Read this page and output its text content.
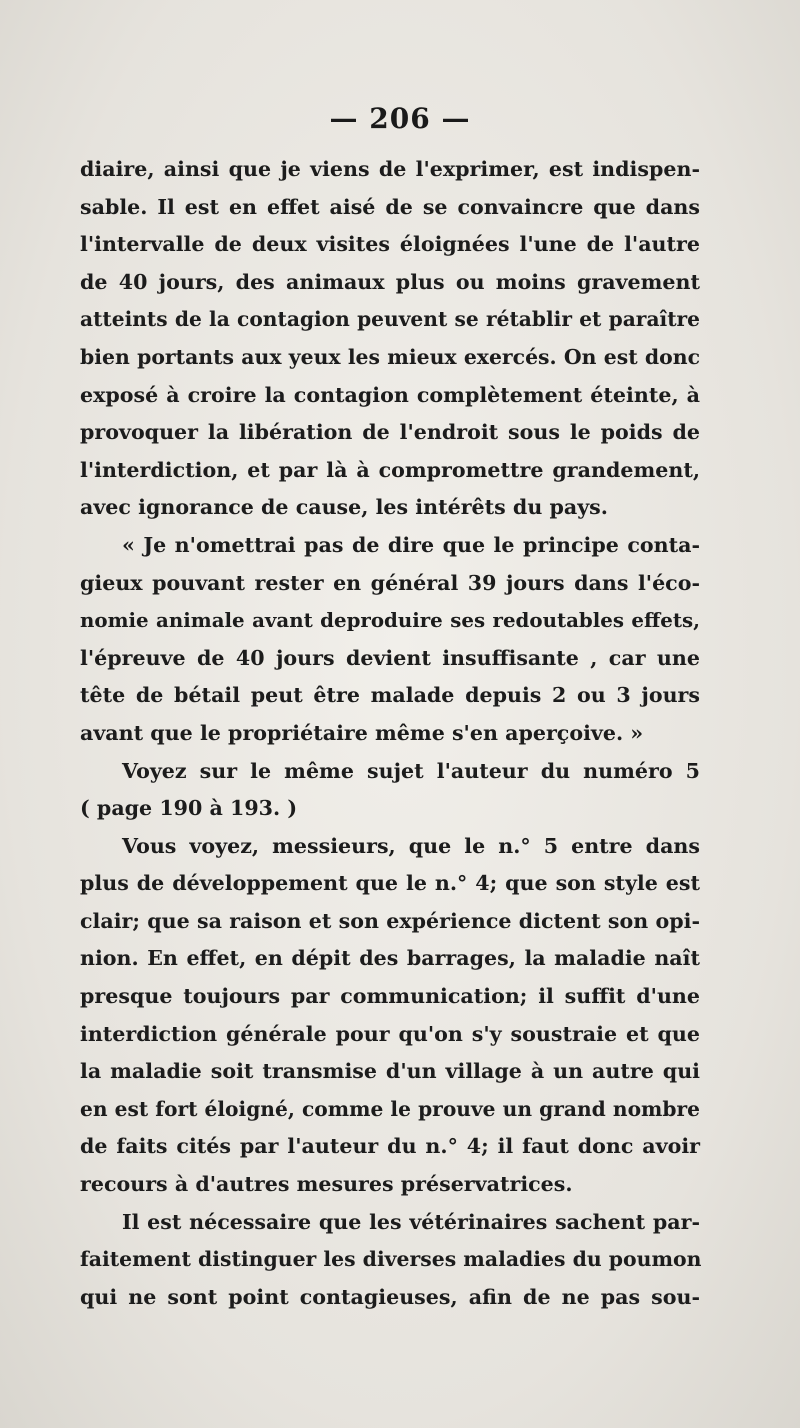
— 206 —
diaire, ainsi que je viens de l'exprimer, est indispen-
sable. Il est en effet aisé de se convaincre que dans
l'intervalle de deux visites éloignées l'une de l'autre
de 40 jours, des animaux plus ou moins gravement
atteints de la contagion peuvent se rétablir et paraître
bien portants aux yeux les mieux exercés. On est donc
exposé à croire la contagion complètement éteinte, à
provoquer la libération de l'endroit sous le poids de
l'interdiction, et par là à compromettre grandement,
avec ignorance de cause, les intérêts du pays.
« Je n'omettrai pas de dire que le principe conta-
gieux pouvant rester en général 39 jours dans l'éco-
nomie animale avant deproduire ses redoutables effets,
l'épreuve de 40 jours devient insuffisante , car une
tête de bétail peut être malade depuis 2 ou 3 jours
avant que le propriétaire même s'en aperçoive. »
Voyez sur le même sujet l'auteur du numéro 5
( page 190 à 193. )
Vous voyez, messieurs, que le n.° 5 entre dans
plus de développement que le n.° 4; que son style est
clair; que sa raison et son expérience dictent son opi-
nion. En effet, en dépit des barrages, la maladie naît
presque toujours par communication; il suffit d'une
interdiction générale pour qu'on s'y soustraie et que
la maladie soit transmise d'un village à un autre qui
en est fort éloigné, comme le prouve un grand nombre
de faits cités par l'auteur du n.° 4; il faut donc avoir
recours à d'autres mesures préservatrices.
Il est nécessaire que les vétérinaires sachent par-
faitement distinguer les diverses maladies du poumon
qui ne sont point contagieuses, afin de ne pas sou-
